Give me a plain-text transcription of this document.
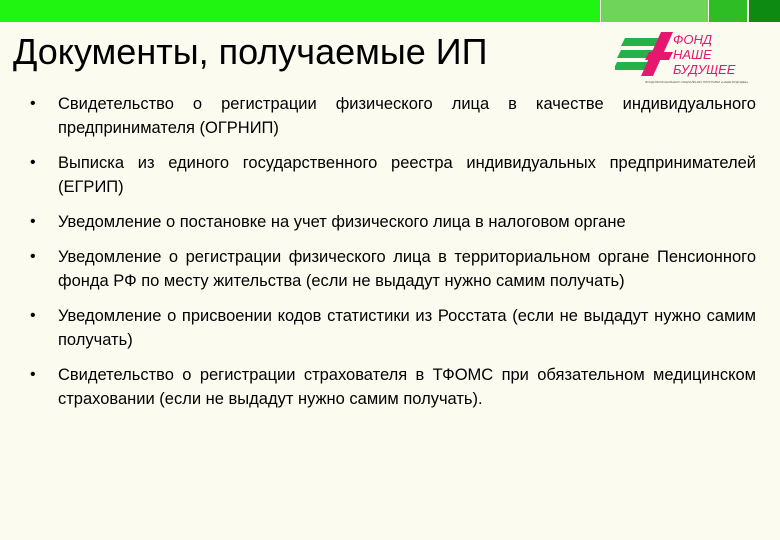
Документы, получаемые ИП	ФОНД
НАШЕ
БУДУЩЕЕ
ФОНД РЕГИОНАЛЬНЫХ СОЦИАЛЬНЫХ ПРОГРАММ «НАШЕ БУДУЩЕЕ»
• Свидетельство о регистрации физического лица в качестве индивидуального предпринимателя (ОГРНИП)
• Выписка из единого государственного реестра индивидуальных предпринимателей (ЕГРИП)
• Уведомление о постановке на учет физического лица в налоговом органе
• Уведомление о регистрации физического лица в территориальном органе Пенсионного фонда РФ по месту жительства (если не выдадут нужно самим получать)
• Уведомление о присвоении кодов статистики из Росстата (если не выдадут нужно самим получать)
• Свидетельство о регистрации страхователя в ТФОМС при обязательном медицинском страховании (если не выдадут нужно самим получать).
